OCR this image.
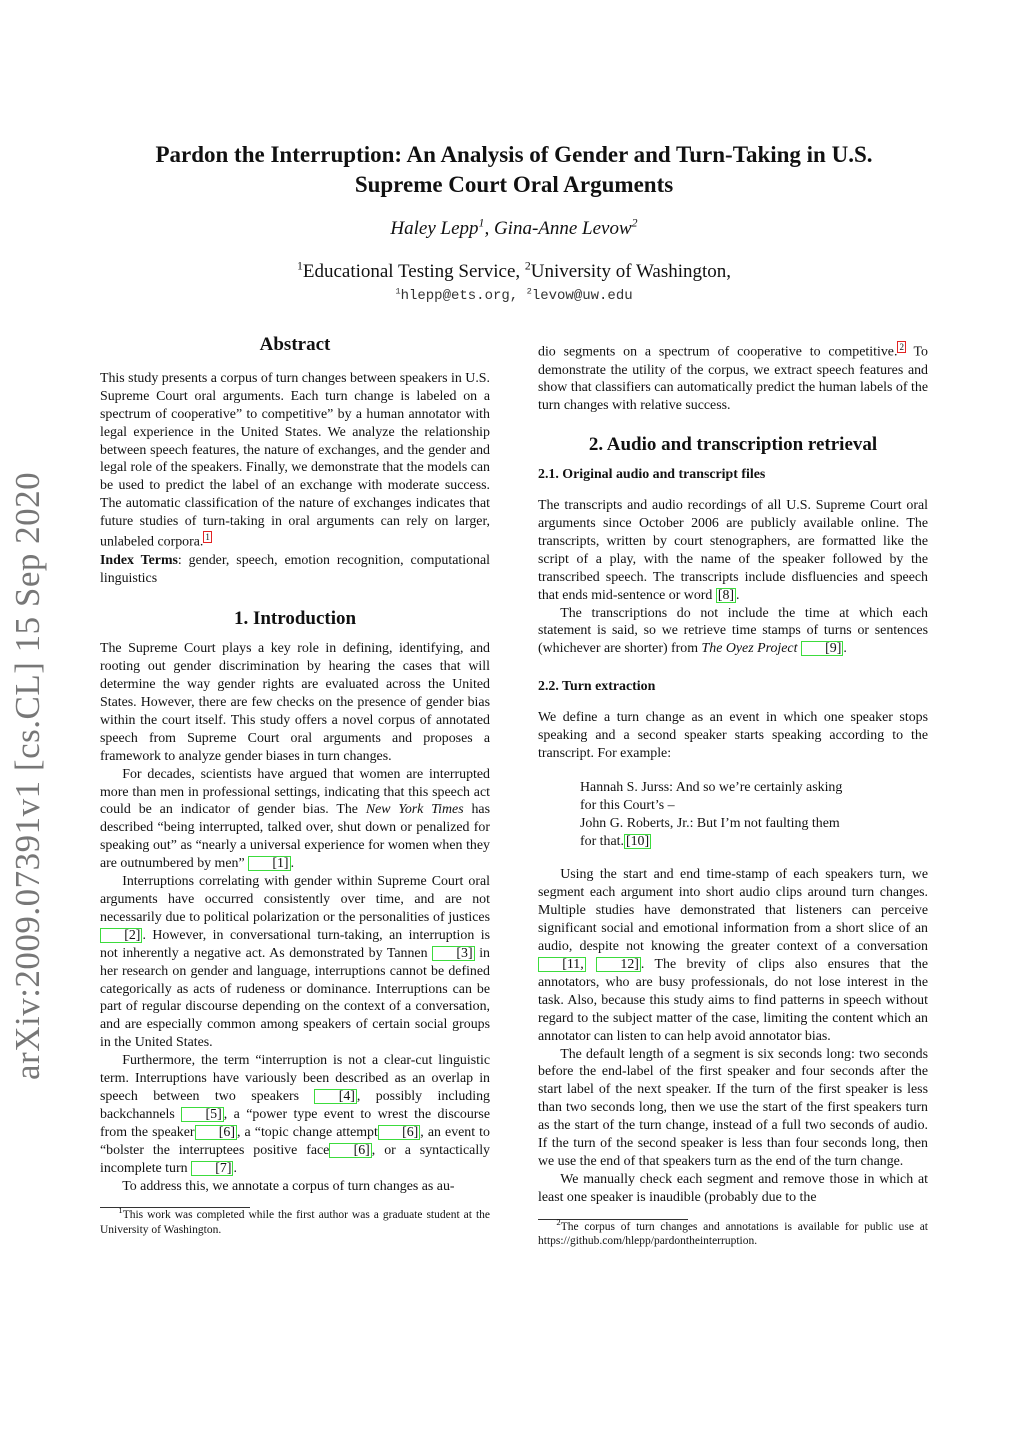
arXiv:2009.07391v1 [cs.CL] 15 Sep 2020
Pardon the Interruption: An Analysis of Gender and Turn-Taking in U.S.
Supreme Court Oral Arguments
Haley Lepp$^1$, Gina-Anne Levow$^2$
$^1$Educational Testing Service, $^2$University of Washington,
$^1$hlepp@ets.org, $^2$levow@uw.edu
Abstract

This study presents a corpus of turn changes between speakers in U.S. Supreme Court oral arguments. Each turn change is labeled on a spectrum of cooperative” to competitive” by a human annotator with legal experience in the United States. We analyze the relationship between speech features, the nature of exchanges, and the gender and legal role of the speakers. Finally, we demonstrate that the models can be used to predict the label of an exchange with moderate success. The automatic classification of the nature of exchanges indicates that future studies of turn-taking in oral arguments can rely on larger, unlabeled corpora. 1

Index Terms: gender, speech, emotion recognition, computational linguistics

1. Introduction

The Supreme Court plays a key role in defining, identifying, and rooting out gender discrimination by hearing the cases that will determine the way gender rights are evaluated across the United States. However, there are few checks on the presence of gender bias within the court itself. This study offers a novel corpus of annotated speech from Supreme Court oral arguments and proposes a framework to analyze gender biases in turn changes.

For decades, scientists have argued that women are interrupted more than men in professional settings, indicating that this speech act could be an indicator of gender bias. The New York Times has described “being interrupted, talked over, shut down or penalized for speaking out” as “nearly a universal experience for women when they are outnumbered by men” [1] .

Interruptions correlating with gender within Supreme Court oral arguments have occurred consistently over time, and are not necessarily due to political polarization or the personalities of justices [2] . However, in conversational turn-taking, an interruption is not inherently a negative act. As demonstrated by Tannen [3] in her research on gender and language, interruptions cannot be defined categorically as acts of rudeness or dominance. Interruptions can be part of regular discourse depending on the context of a conversation, and are especially common among speakers of certain social groups in the United States.

Furthermore, the term “interruption is not a clear-cut linguistic term. Interruptions have variously been described as an overlap in speech between two speakers [4] , possibly including backchannels [5] , a “power type event to wrest the discourse from the speaker [6] , a “topic change attempt [6] , an event to “bolster the interruptees positive face [6] , or a syntactically incomplete turn [7] .

To address this, we annotate a corpus of turn changes as au-

$^1$This work was completed while the first author was a graduate student at the University of Washington.

dio segments on a spectrum of cooperative to competitive. 2 To demonstrate the utility of the corpus, we extract speech features and show that classifiers can automatically predict the human labels of the turn changes with relative success.

2. Audio and transcription retrieval
2.1. Original audio and transcript files

The transcripts and audio recordings of all U.S. Supreme Court oral arguments since October 2006 are publicly available online. The transcripts, written by court stenographers, are formatted like the script of a play, with the name of the speaker followed by the transcribed speech. The transcripts include disfluencies and speech that ends mid-sentence or word [8] .

The transcriptions do not include the time at which each statement is said, so we retrieve time stamps of turns or sentences (whichever are shorter) from The Oyez Project [9] .

2.2. Turn extraction

We define a turn change as an event in which one speaker stops speaking and a second speaker starts speaking according to the transcript. For example:

Hannah S. Jurss: And so we’re certainly asking

for this Court’s –

John G. Roberts, Jr.: But I’m not faulting them

for that. [10]

Using the start and end time-stamp of each speakers turn, we segment each argument into short audio clips around turn changes. Multiple studies have demonstrated that listeners can perceive significant social and emotional information from a short slice of an audio, despite not knowing the greater context of a conversation [11,	12] . The brevity of clips also ensures that the annotators, who are busy professionals, do not lose interest in the task. Also, because this study aims to find patterns in speech without regard to the subject matter of the case, limiting the content which an annotator can listen to can help avoid annotator bias.

The default length of a segment is six seconds long: two seconds before the end-label of the first speaker and four seconds after the start label of the next speaker. If the turn of the first speaker is less than two seconds long, then we use the start of the first speakers turn as the start of the turn change, instead of a full two seconds of audio. If the turn of the second speaker is less than four seconds long, then we use the end of that speakers turn as the end of the turn change.

We manually check each segment and remove those in which at least one speaker is inaudible (probably due to the

$^2$The corpus of turn changes and annotations is available for public use at https://github.com/hlepp/pardontheinterruption.
